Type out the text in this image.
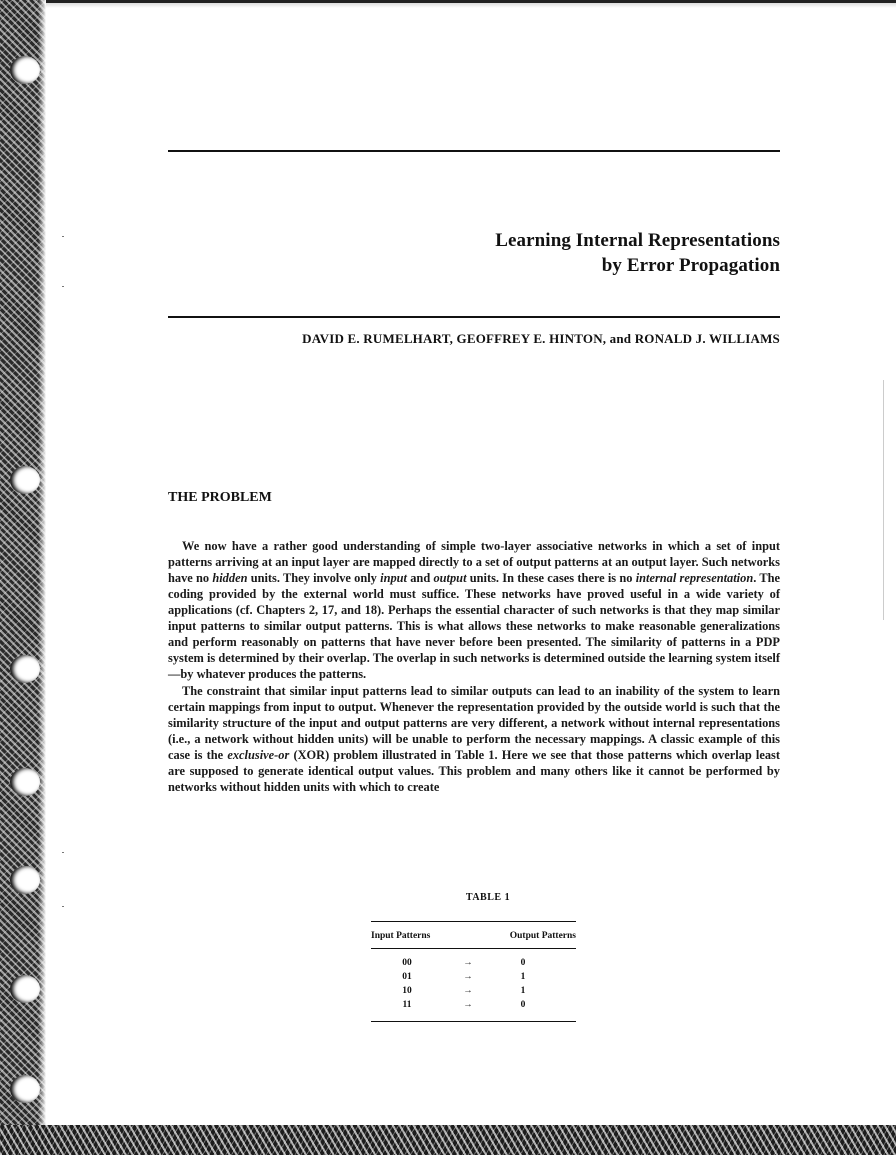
Learning Internal Representations
by Error Propagation
DAVID E. RUMELHART, GEOFFREY E. HINTON, and RONALD J. WILLIAMS
THE PROBLEM

We now have a rather good understanding of simple two-layer associative networks in which a set of input patterns arriving at an input layer are mapped directly to a set of output patterns at an output layer. Such networks have no hidden units. They involve only input and output units. In these cases there is no internal representation. The coding provided by the external world must suffice. These networks have proved useful in a wide variety of applications (cf. Chapters 2, 17, and 18). Perhaps the essential character of such networks is that they map similar input patterns to similar output patterns. This is what allows these networks to make reasonable generalizations and perform reasonably on patterns that have never before been presented. The similarity of patterns in a PDP system is determined by their overlap. The overlap in such networks is determined outside the learning system itself—by whatever produces the patterns.

The constraint that similar input patterns lead to similar outputs can lead to an inability of the system to learn certain mappings from input to output. Whenever the representation provided by the outside world is such that the similarity structure of the input and output patterns are very different, a network without internal representations (i.e., a network without hidden units) will be unable to perform the necessary mappings. A classic example of this case is the exclusive-or (XOR) problem illustrated in Table 1. Here we see that those patterns which overlap least are supposed to generate identical output values. This problem and many others like it cannot be performed by networks without hidden units with which to create

TABLE 1
Input Patterns	Output Patterns
00	→	0
01	→	1
10	→	1
11	→	0
